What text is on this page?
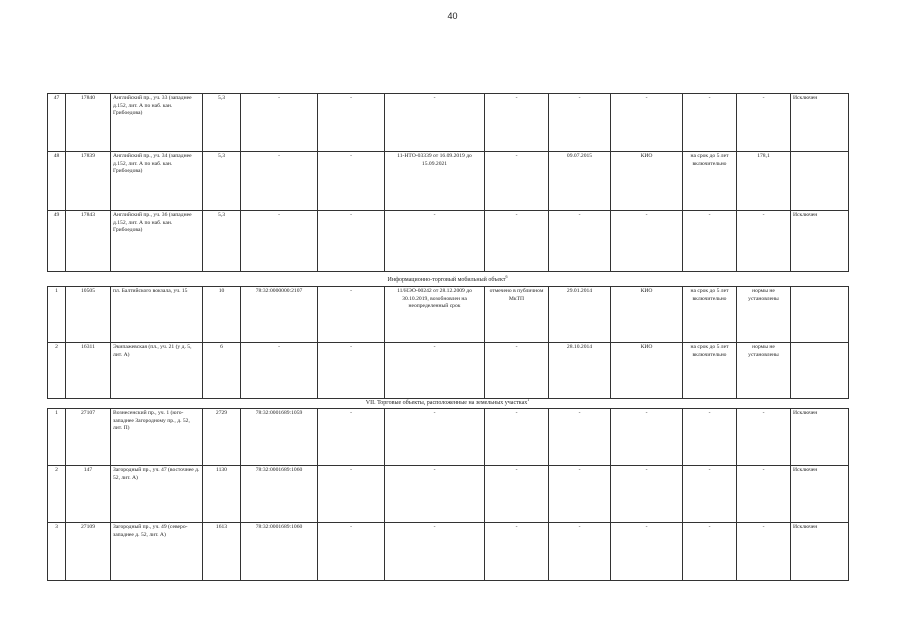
40
47	17840	Английский пр., уч. 33 (западнее д.152, лит. А по наб. кан. Грибоедова)	5,3	-	-	-	-	-	-	-	-	Исключен
48	17839	Английский пр., уч. 34 (западнее д.152, лит. А по наб. кан. Грибоедова)	5,3	-	-	11-НТО-03339 от 16.09.2019 до 15.09.2021	-	09.07.2015	КИО	на срок до 5 лет включительно	178,1	
49	17843	Английский пр., уч. 36 (западнее д.152, лит. А по наб. кан. Грибоедова)	5,3	-	-	-	-	-	-	-	-	Исключен
Информационно-торговый мобильный объект$^6$
1	10505	пл. Балтийского вокзала, уч. 15	10	78:32:0000000:2107	-	11/НЭО-00242 от 28.12.2009 до 30.10.2019, возобновлен на неопределенный срок	отмечено в публичном МкТП	29.01.2014	КИО	на срок до 5 лет включительно	нормы не установлены	
2	16311	Экипажевская (пл., уч. 21 (у д. 5, лит. А)	6	-	-	-	-	28.10.2014	КИО	на срок до 5 лет включительно	нормы не установлены	
VII. Торговые объекты, расположенные на земельных участках$^1$
1	27107	Вознесенский пр., уч. 1 (юго-западнее Загородному пр., д. 52, лит. П)	2729	78:32:0001689:1059	-	-	-	-	-	-	-	Исключен
2	147	Загородный пр., уч. 47 (восточнее д. 52, лит. А)	1130	78:32:0001689:1060	-	-	-	-	-	-	-	Исключен
3	27109	Загородный пр., уч. 49 (северо-западнее д. 52, лит. А)	1613	78:32:0001689:1060	-	-	-	-	-	-	-	Исключен
